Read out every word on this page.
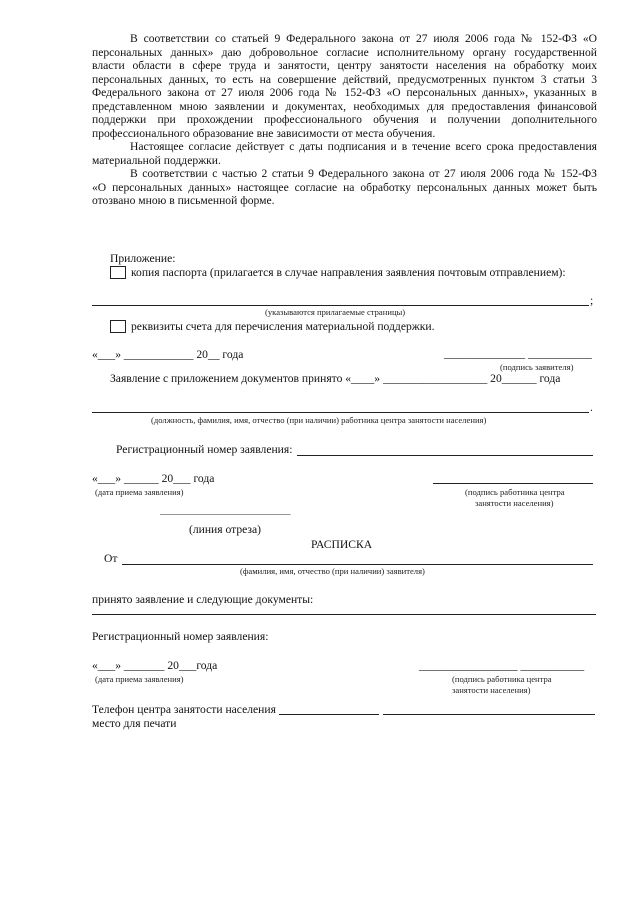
В соответствии со статьей 9 Федерального закона от 27 июля 2006 года № 152-ФЗ «О
персональных данных» даю добровольное согласие исполнительному органу государственной
власти области в сфере труда и занятости, центру занятости населения на обработку моих
персональных данных, то есть на совершение действий, предусмотренных пунктом 3 статьи 3
Федерального закона от 27 июля 2006 года № 152-ФЗ «О персональных данных», указанных в
представленном мною заявлении и документах, необходимых для предоставления финансовой
поддержки при прохождении профессионального обучения и получении дополнительного
профессионального образование вне зависимости от места обучения.
Настоящее согласие действует с даты подписания и в течение всего срока предоставления
материальной поддержки.
В соответствии с частью 2 статьи 9 Федерального закона от 27 июля 2006 года № 152-ФЗ
«О персональных данных» настоящее согласие на обработку персональных данных может быть
отозвано мною в письменной форме.
Приложение:
копия паспорта (прилагается в случае направления заявления почтовым отправлением):
;
(указываются прилагаемые страницы)
реквизиты счета для перечисления материальной поддержки.
«___» ____________ 20__ года	______________ ___________
(подпись заявителя)
Заявление с приложением документов принято «____» __________________ 20______ года
.
(должность, фамилия, имя, отчество (при наличии) работника центра занятости населения)
Регистрационный номер заявления:
«___» ______ 20___ года
(дата приема заявления)	(подпись работника центра
занятости населения)
_____________________________
(линия отреза)
РАСПИСКА
От
(фамилия, имя, отчество (при наличии) заявителя)
принято заявление и следующие документы:
Регистрационный номер заявления:
«___» _______ 20___года
(дата приема заявления)
_________________ ___________
(подпись работника центра
занятости населения)
Телефон центра занятости населения
место для печати
